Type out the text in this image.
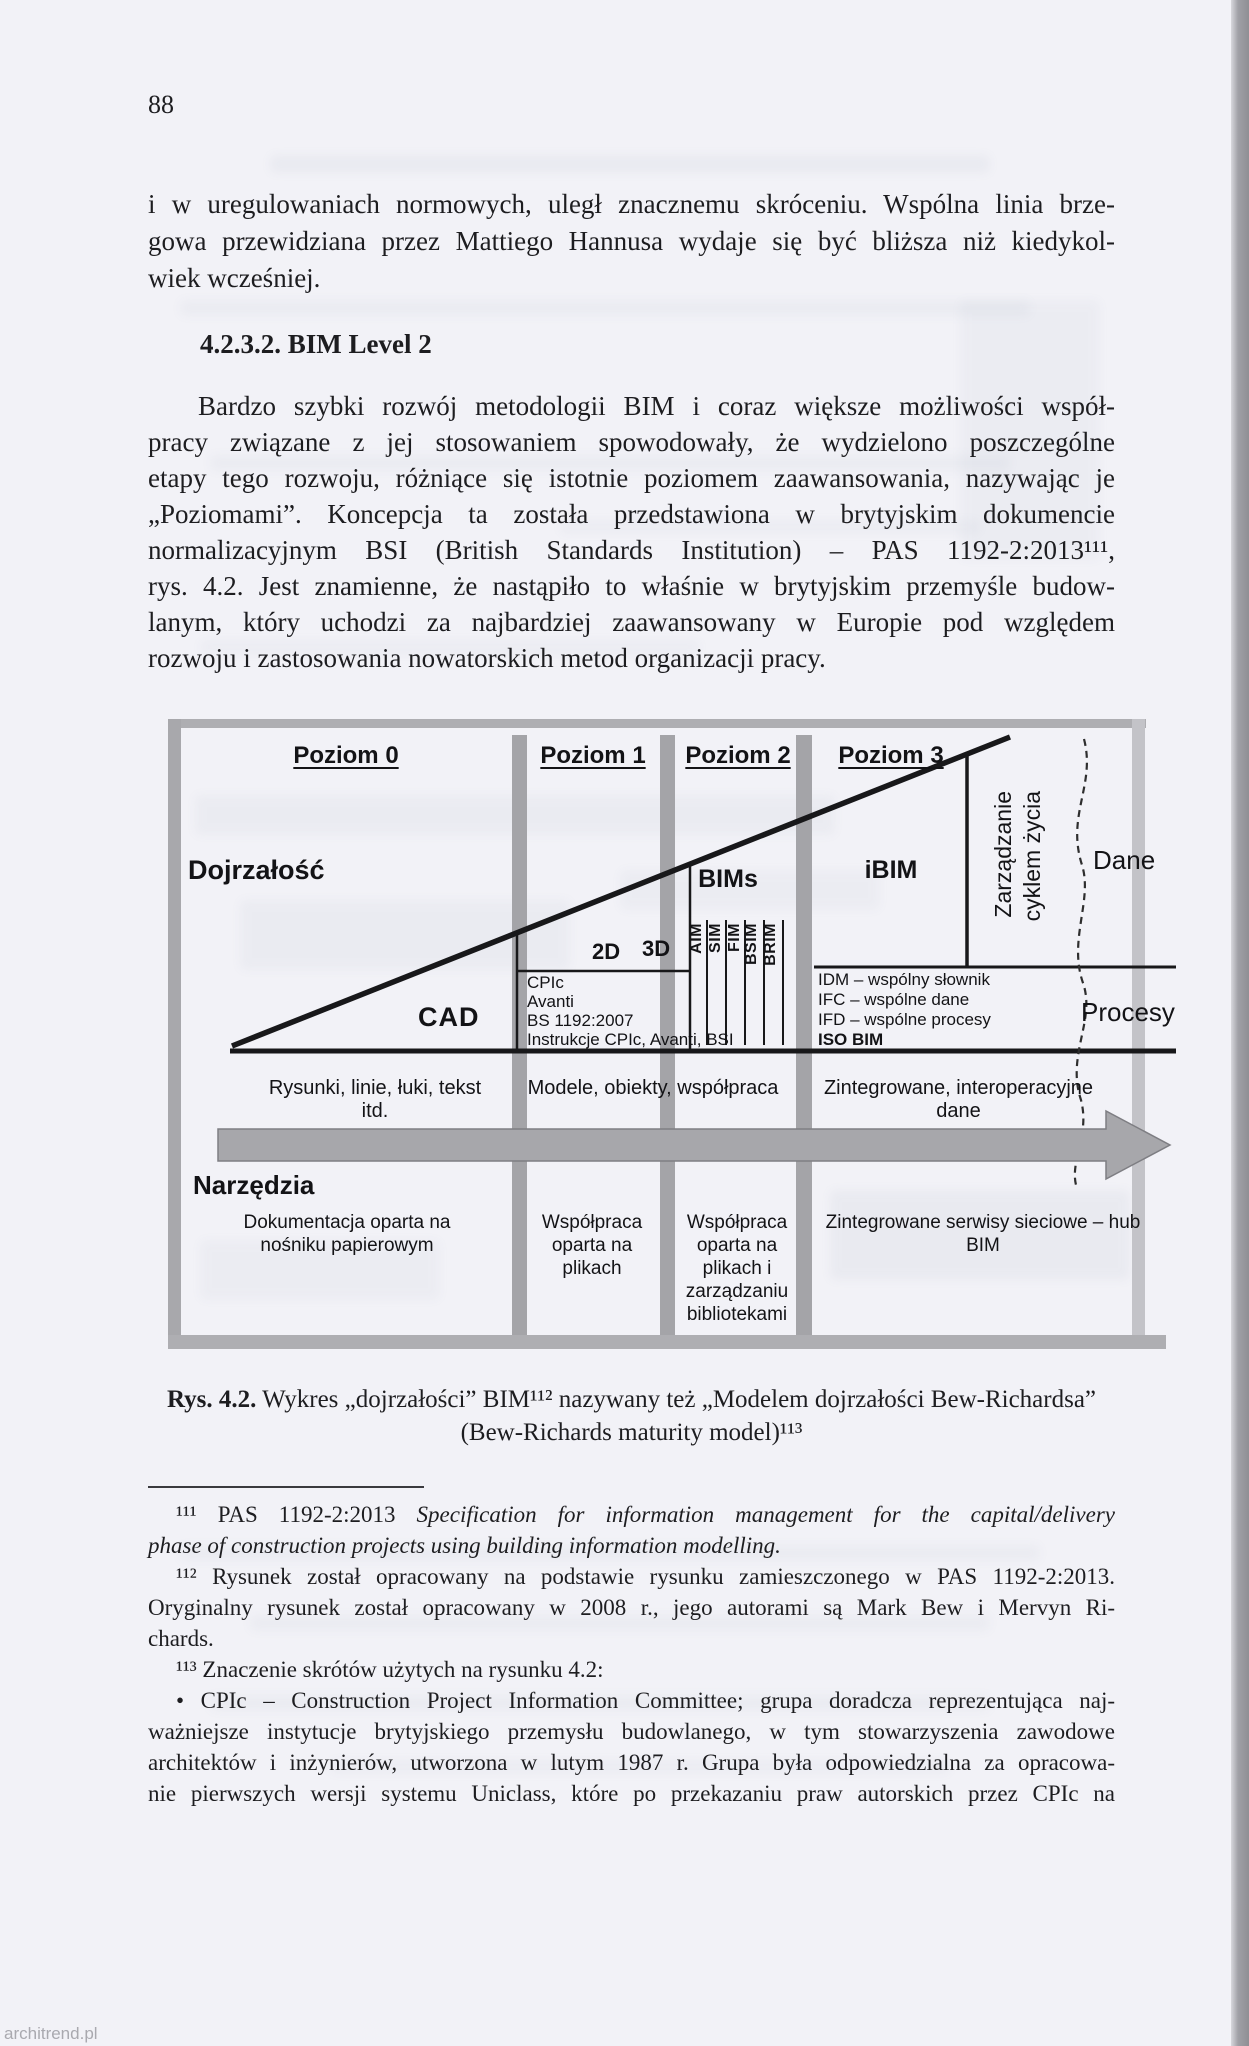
88
i w uregulowaniach normowych, uległ znacznemu skróceniu. Wspólna linia brze-
gowa przewidziana przez Mattiego Hannusa wydaje się być bliższa niż kiedykol-
wiek wcześniej.
4.2.3.2. BIM Level 2
Bardzo szybki rozwój metodologii BIM i coraz większe możliwości współ-
pracy związane z jej stosowaniem spowodowały, że wydzielono poszczególne
etapy tego rozwoju, różniące się istotnie poziomem zaawansowania, nazywając je
„Poziomami”. Koncepcja ta została przedstawiona w brytyjskim dokumencie
normalizacyjnym BSI (British Standards Institution) – PAS 1192-2:2013¹¹¹,
rys. 4.2. Jest znamienne, że nastąpiło to właśnie w brytyjskim przemyśle budow-
lanym, który uchodzi za najbardziej zaawansowany w Europie pod względem
rozwoju i zastosowania nowatorskich metod organizacji pracy.
Poziom 0	Poziom 1	Poziom 2	Poziom 3
Dojrzałość
CAD
2D 3D
BIMs	iBIM
AIM SIM FIM BSIM BRIM
CPIc
Avanti
BS 1192:2007
Instrukcje CPIc, Avanti, BSI
IDM – wspólny słownik
IFC – wspólne dane
IFD – wspólne procesy
ISO BIM
Zarządzanie cyklem życia Dane
Procesy
Rysunki, linie, łuki, tekst itd.
Modele, obiekty, współpraca	Zintegrowane, interoperacyjne dane
Narzędzia
Dokumentacja oparta na nośniku papierowym
Współpraca oparta na plikach
Współpraca oparta na plikach i zarządzaniu bibliotekami
Zintegrowane serwisy sieciowe – hub BIM
Rys. 4.2. Wykres „dojrzałości” BIM¹¹² nazywany też „Modelem dojrzałości Bew-Richardsa”
(Bew-Richards maturity model)¹¹³
¹¹¹ PAS 1192-2:2013 Specification for information management for the capital/delivery
phase of construction projects using building information modelling.
¹¹² Rysunek został opracowany na podstawie rysunku zamieszczonego w PAS 1192-2:2013.
Oryginalny rysunek został opracowany w 2008 r., jego autorami są Mark Bew i Mervyn Ri-
chards.
¹¹³ Znaczenie skrótów użytych na rysunku 4.2:
• CPIc – Construction Project Information Committee; grupa doradcza reprezentująca naj-
ważniejsze instytucje brytyjskiego przemysłu budowlanego, w tym stowarzyszenia zawodowe
architektów i inżynierów, utworzona w lutym 1987 r. Grupa była odpowiedzialna za opracowa-
nie pierwszych wersji systemu Uniclass, które po przekazaniu praw autorskich przez CPIc na
architrend.pl
